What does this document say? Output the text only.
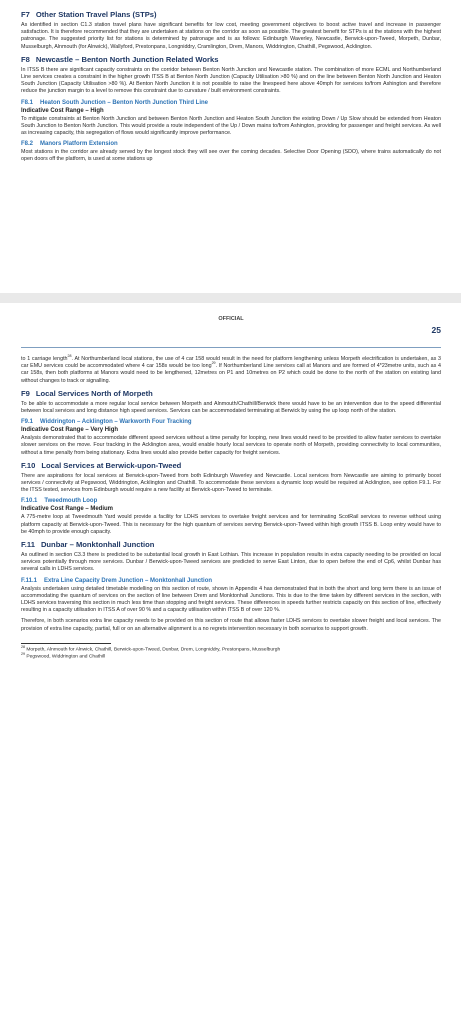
F7 Other Station Travel Plans (STPs)

As identified in section C1.3 station travel plans have significant benefits for low cost, meeting government objectives to boost active travel and increase in passenger satisfaction. It is therefore recommended that they are undertaken at stations on the corridor as soon as possible. The greatest benefit for STPs is at the stations with the highest patronage. The suggested priority list for stations is determined by patronage and is as follows: Edinburgh Waverley, Newcastle, Berwick-upon-Tweed, Morpeth, Dunbar, Musselburgh, Alnmouth (for Alnwick), Wallyford, Prestonpans, Longniddry, Cramlington, Drem, Manors, Widdrington, Chathill, Pegswood, Acklington.

F8 Newcastle – Benton North Junction Related Works

In ITSS B there are significant capacity constraints on the corridor between Benton North Junction and Newcastle station. The combination of more ECML and Northumberland Line services creates a constraint in the higher growth ITSS B at Benton North Junction (Capacity Utilisation >80 %) and on the line between Benton North Junction and Heaton South Junction (Capacity Utilisation >80 %). At Benton North Junction it is not possible to raise the linespeed here above 40mph for services to/from Ashington and therefore reduce the junction margin to a level to remove this constraint due to curvature / built environment constraints.

F8.1 Heaton South Junction – Benton North Junction Third Line
Indicative Cost Range – High

To mitigate constraints at Benton North Junction and between Benton North Junction and Heaton South Junction the existing Down / Up Slow should be extended from Heaton South Junction to Benton North Junction. This would provide a route independent of the Up / Down mains to/from Ashington, providing for passenger and freight services. As well as increasing capacity, this segregation of flows would significantly improve performance.

F8.2 Manors Platform Extension

Most stations in the corridor are already served by the longest stock they will see over the coming decades. Selective Door Opening (SDO), where trains automatically do not open doors off the platform, is used at some stations up

OFFICIAL
25

to 1 carriage length$^{28}$. At Northumberland local stations, the use of 4 car 158 would result in the need for platform lengthening unless Morpeth electrification is undertaken, as 3 car EMU services could be accommodated where 4 car 158s would be too long$^{29}$. If Northumberland Line services call at Manors and are formed of 4*23metre units, such as 4 car 158s, then both platforms at Manors would need to be lengthened, 12metres on P1 and 10metres on P2 which could be done to the north of the station on existing land without changes to track or signalling.

F9 Local Services North of Morpeth

To be able to accommodate a more regular local service between Morpeth and Alnmouth/Chathill/Berwick there would have to be an intervention due to the speed differential between local services and long distance high speed services. Services can be accommodated terminating at Berwick by using the up loop north of the station.

F9.1 Widdrington – Acklington – Warkworth Four Tracking
Indicative Cost Range – Very High

Analysis demonstrated that to accommodate different speed services without a time penalty for looping, new lines would need to be provided to allow faster services to overtake slower services on the move. Four tracking in the Acklington area, would enable hourly local services to operate north of Morpeth, providing connectivity to local communities, without a time penalty from being stationary. Extra lines would also provide better capacity for freight services.

F.10 Local Services at Berwick-upon-Tweed

There are aspirations for local services at Berwick-upon-Tweed from both Edinburgh Waverley and Newcastle. Local services from Newcastle are aiming to primarily boost services / connectivity at Pegswood, Widdrington, Acklington and Chathill. To accommodate these services a dynamic loop would be required at Acklington, see option F9.1. For the ITSS tested, services from Edinburgh would require a new facility at Berwick-upon-Tweed to terminate.

F.10.1 Tweedmouth Loop
Indicative Cost Range – Medium

A 775-metre loop at Tweedmouth Yard would provide a facility for LDHS services to overtake freight services and for terminating ScotRail services to reverse without using platform capacity at Berwick-upon-Tweed. This is necessary for the high quantum of services serving Berwick-upon-Tweed within high growth ITSS B. Loop entry would have to be 40mph to provide enough capacity.

F.11 Dunbar – Monktonhall Junction

As outlined in section C3.3 there is predicted to be substantial local growth in East Lothian. This increase in population results in extra capacity needing to be provided on local services potentially through more services. Dunbar / Berwick-upon-Tweed services are predicted to serve East Linton, due to open before the end of Cp6, whilst Dunbar has several calls in LDHS services.

F.11.1 Extra Line Capacity Drem Junction – Monktonhall Junction

Analysis undertaken using detailed timetable modelling on this section of route, shown in Appendix 4 has demonstrated that in both the short and long term there is an issue of accommodating the quantum of services on the section of line between Drem and Monktonhall Junctions. This is due to the time taken by different services in the section, with LDHS services traversing this section in much less time than stopping and freight services. These differences in speeds further restricts capacity on this section of line, effectively resulting in a capacity utilisation in ITSS A of over 90 % and a capacity utilisation within ITSS B of over 120 %.

Therefore, in both scenarios extra line capacity needs to be provided on this section of route that allows faster LDHS services to overtake slower freight and local services. The provision of extra line capacity, partial, full or on an alternative alignment is a no regrets intervention necessary in both scenarios to support growth.

$^{28}$ Morpeth, Alnmouth for Alnwick, Chathill, Berwick-upon-Tweed, Dunbar, Drem, Longniddry, Prestonpans, Musselburgh

$^{29}$ Pegswood, Widdrington and Chathill
